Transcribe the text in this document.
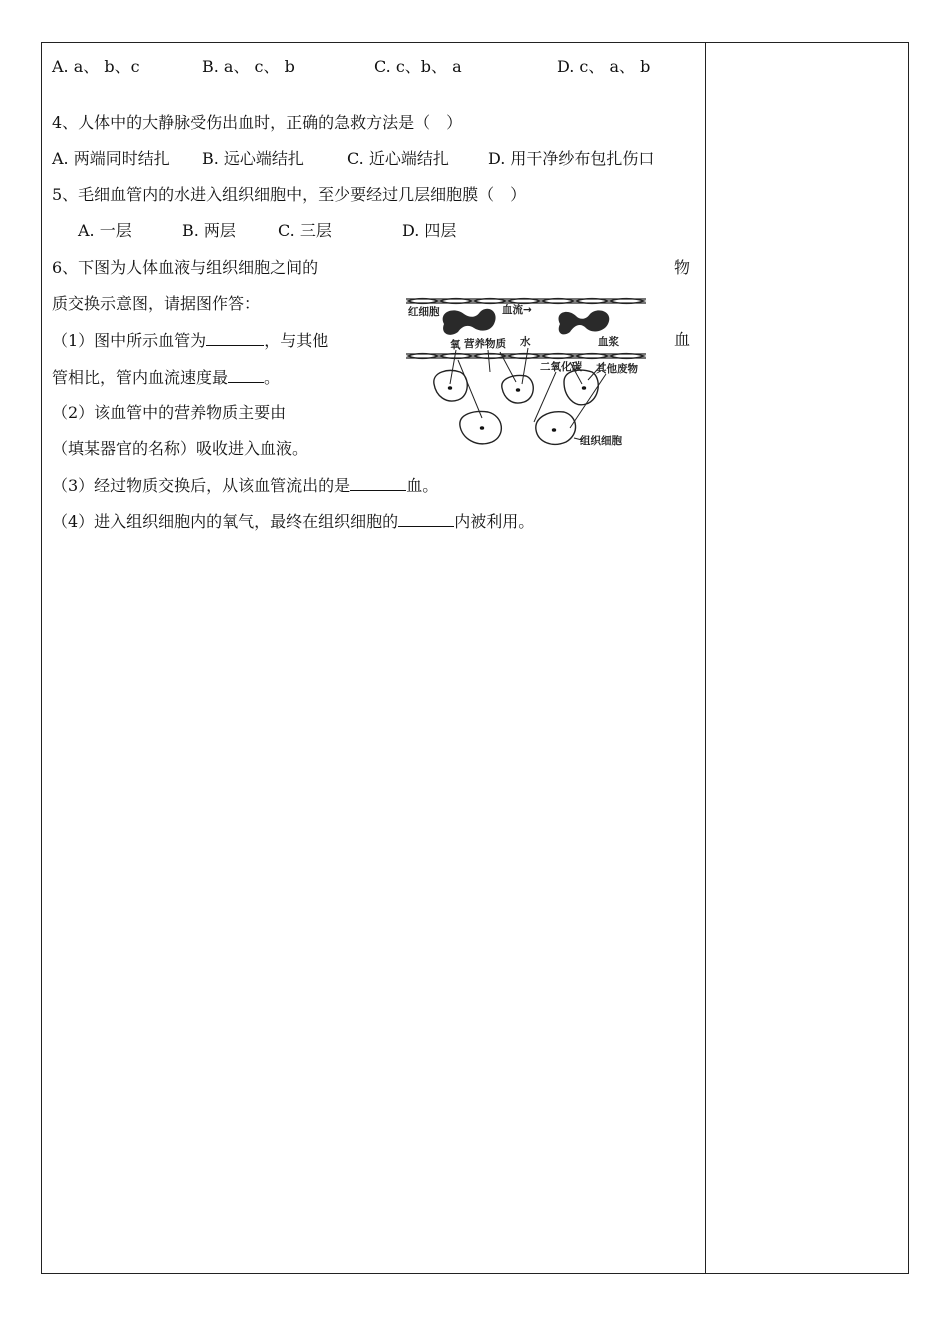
A. a、 b、c	B. a、 c、 b	C. c、b、 a	D. c、 a、 b
4、人体中的大静脉受伤出血时，正确的急救方法是（　）
A. 两端同时结扎 B. 远心端结扎	C. 近心端结扎 D. 用干净纱布包扎伤口
5、毛细血管内的水进入组织细胞中，至少要经过几层细胞膜（　）
A. 一层	B. 两层	C. 三层	D. 四层
6、下图为人体血液与组织细胞之间的	物
质交换示意图，请据图作答：
（1）图中所示血管为	，与其他	血
管相比，管内血流速度最 。
（2）该血管中的营养物质主要由
（填某器官的名称）吸收进入血液。
（3）经过物质交换后，从该血管流出的是	血。
（4）进入组织细胞内的氧气，最终在组织细胞的	内被利用。
红细胞	血流→
氧 营养物质 水	血浆
二氧化碳 其他废物
组织细胞
